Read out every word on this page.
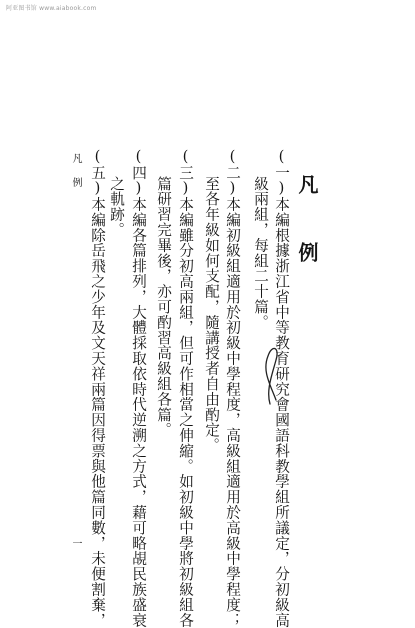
阿亚图书馆 www.aiabook.com
凡 例
(一)本編根據浙江省中等教育研究會國語科教學組所議定，分初級高
級兩組，每組二十篇。
(二)本編初級組適用於初級中學程度，高級組適用於高級中學程度；
至各年級如何支配，隨講授者自由酌定。
(三)本編雖分初高兩組，但可作相當之伸縮。如初級中學將初級組各
篇研習完畢後，亦可酌習高級組各篇。
(四)本編各篇排列，大體採取依時代逆溯之方式，藉可略覘民族盛衰
之軌跡。
(五)本編除岳飛之少年及文天祥兩篇因得票與他篇同數，未便割棄，
凡例
一
